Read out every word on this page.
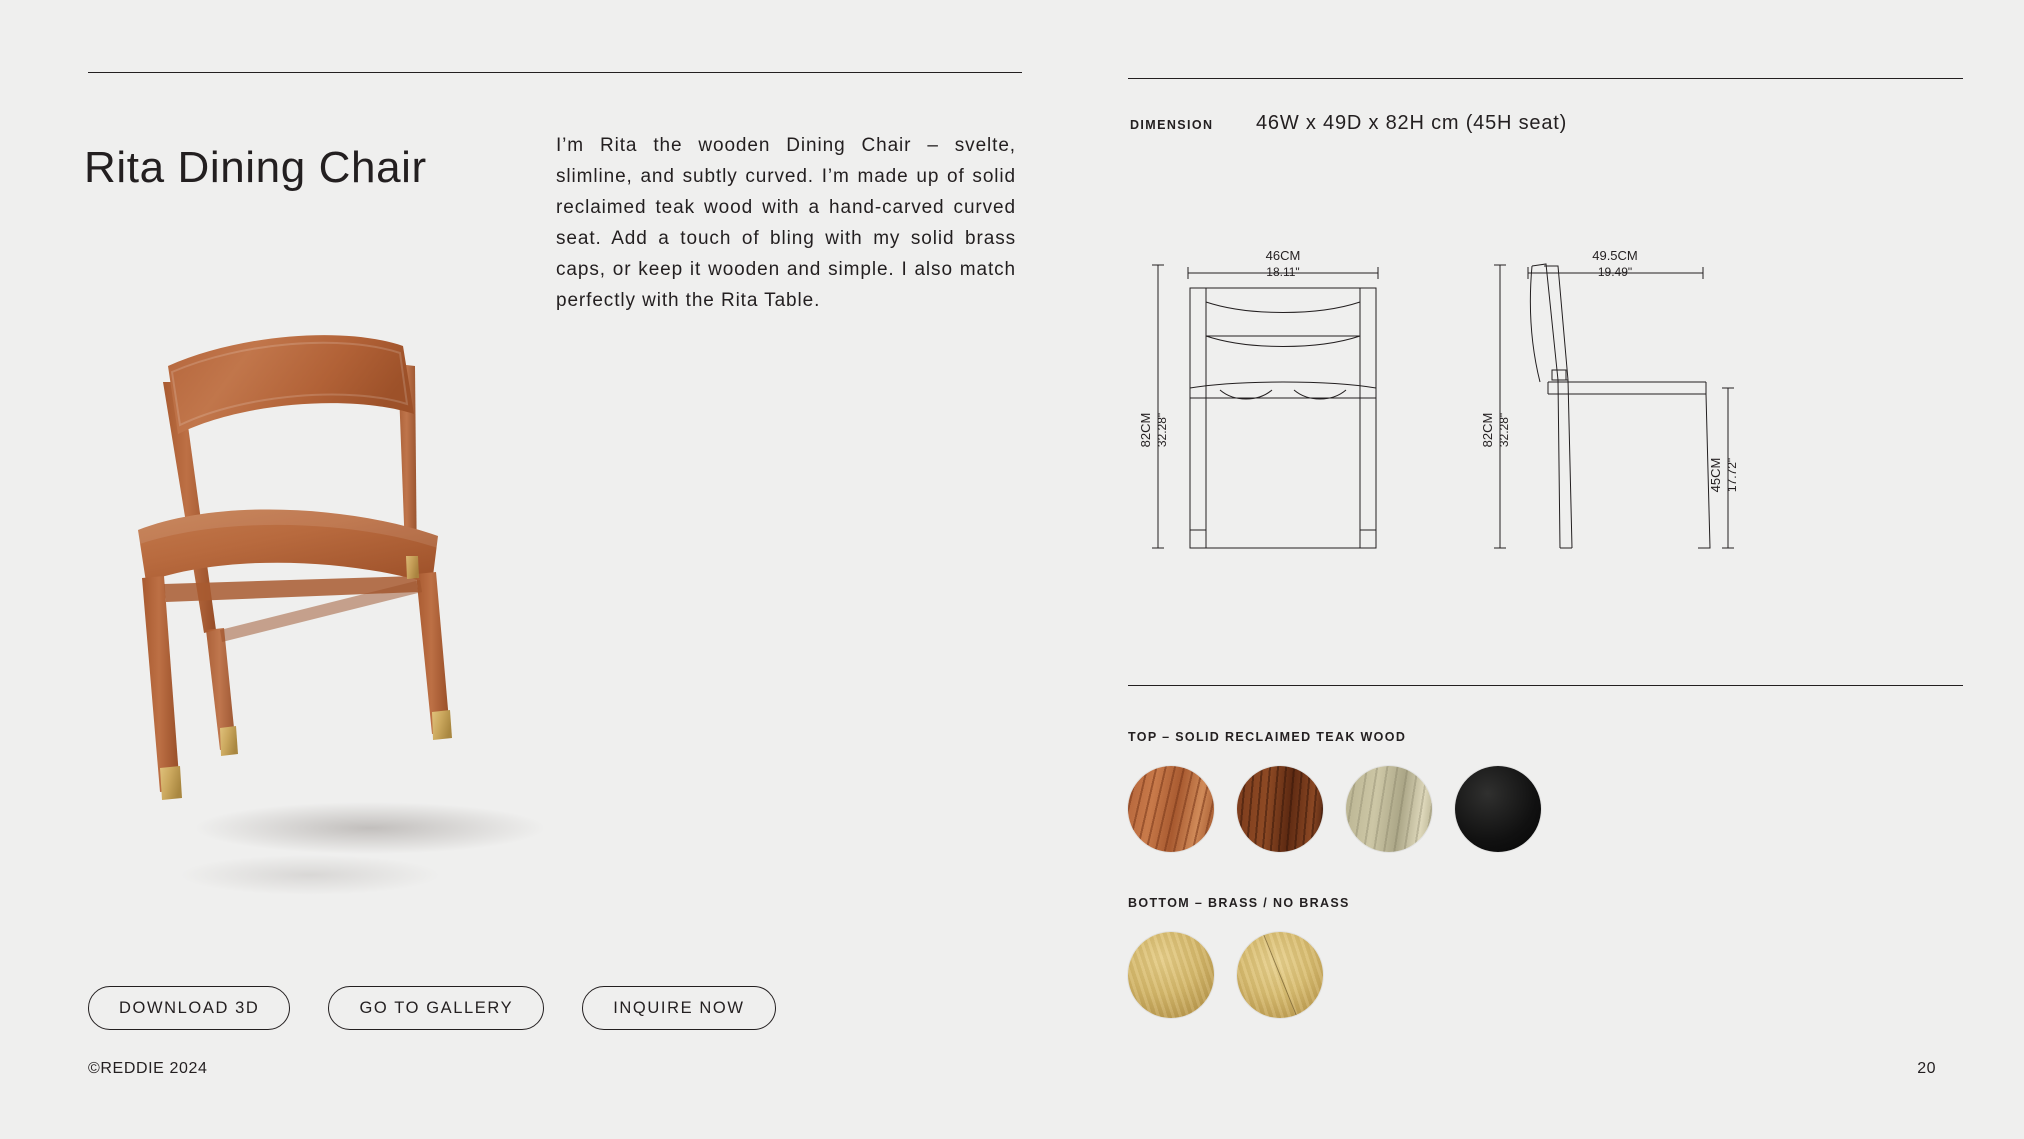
Rita Dining Chair	I’m Rita the wooden Dining Chair – svelte, slimline, and subtly curved. I’m made up of solid reclaimed teak wood with a hand-carved curved seat. Add a touch of bling with my solid brass caps, or keep it wooden and simple. I also match perfectly with the Rita Table.

DOWNLOAD 3D	GO TO GALLERY	INQUIRE NOW
©REDDIE 2024
DIMENSION 46W x 49D x 82H cm (45H seat)
46CM
18.11"
82CM 32.28"
49.5CM
19.49"
82CM 32.28"
45CM 17.72"
TOP – SOLID RECLAIMED TEAK WOOD
BOTTOM – BRASS / NO BRASS
20
